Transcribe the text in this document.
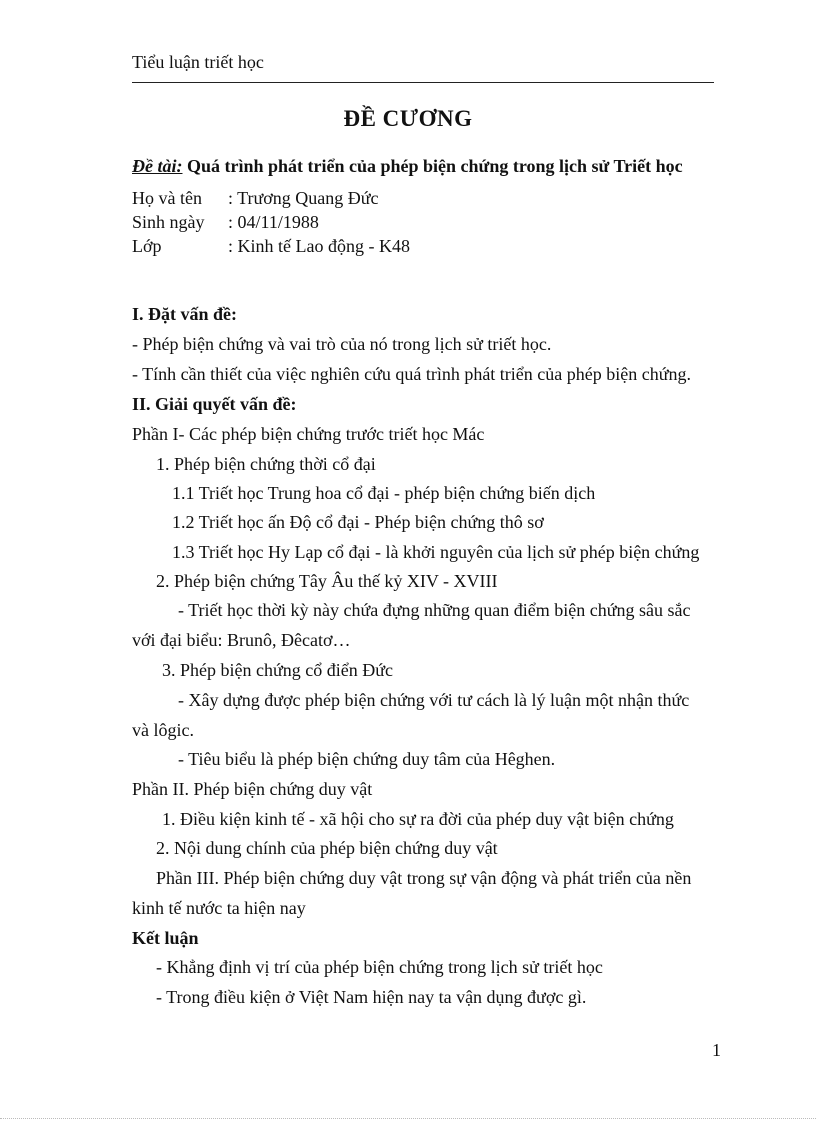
Tiểu luận triết học
ĐỀ CƯƠNG
Đề tài: Quá trình phát triển của phép biện chứng trong lịch sử Triết học
Họ và tên : Trương Quang Đức
Sinh ngày : 04/11/1988
Lớp	: Kinh tế Lao động - K48
I. Đặt vấn đề:
- Phép biện chứng và vai trò của nó trong lịch sử triết học.
- Tính cần thiết của việc nghiên cứu quá trình phát triển của phép biện chứng.
II. Giải quyết vấn đề:
Phần I- Các phép biện chứng trước triết học Mác
1. Phép biện chứng thời cổ đại
1.1 Triết học Trung hoa cổ đại - phép biện chứng biến dịch
1.2 Triết học ấn Độ cổ đại - Phép biện chứng thô sơ
1.3 Triết học Hy Lạp cổ đại - là khởi nguyên của lịch sử phép biện chứng
2. Phép biện chứng Tây Âu thế kỷ XIV - XVIII
- Triết học thời kỳ này chứa đựng những quan điểm biện chứng sâu sắc
với đại biểu: Brunô, Đêcatơ…
3. Phép biện chứng cổ điển Đức
- Xây dựng được phép biện chứng với tư cách là lý luận một nhận thức
và lôgic.
- Tiêu biểu là phép biện chứng duy tâm của Hêghen.
Phần II. Phép biện chứng duy vật
1. Điều kiện kinh tế - xã hội cho sự ra đời của phép duy vật biện chứng
2. Nội dung chính của phép biện chứng duy vật
Phần III. Phép biện chứng duy vật trong sự vận động và phát triển của nền
kinh tế nước ta hiện nay
Kết luận
- Khẳng định vị trí của phép biện chứng trong lịch sử triết học
- Trong điều kiện ở Việt Nam hiện nay ta vận dụng được gì.
1
